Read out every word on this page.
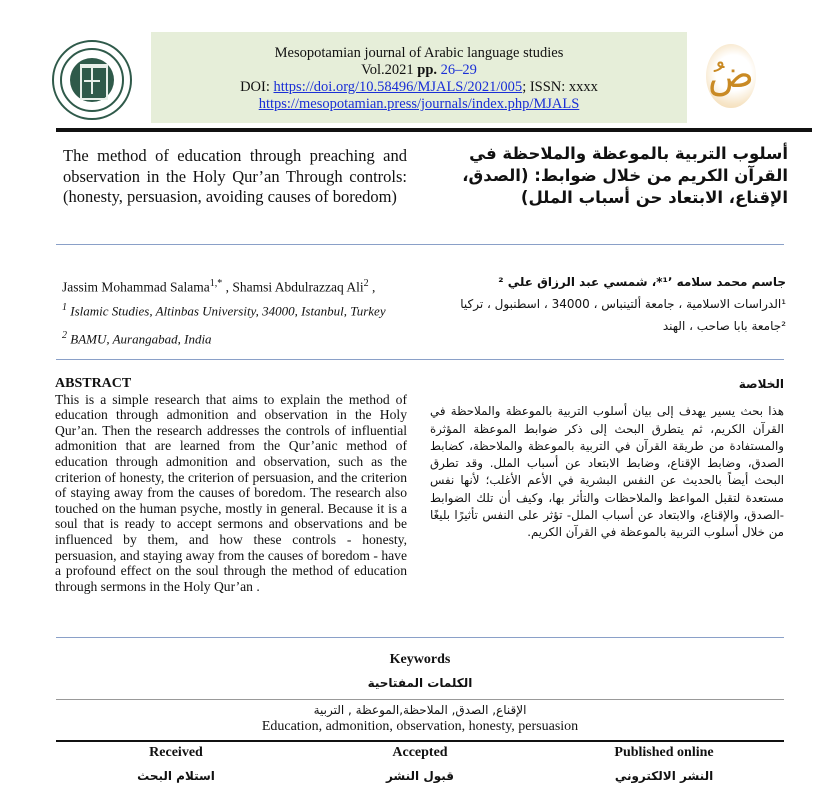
Mesopotamian journal of Arabic language studies
Vol.2021 pp. 26–29
DOI: https://doi.org/10.58496/MJALS/2021/005; ISSN: xxxx
https://mesopotamian.press/journals/index.php/MJALS
ضُ
The method of education through preaching and observation in the Holy Qur’an Through controls: (honesty, persuasion, avoiding causes of boredom)
أسلوب التربية بالموعظة والملاحظة في القرآن الكريم من خلال ضوابط: (الصدق، الإقناع، الابتعاد حن أسباب الملل)
Jassim Mohammad Salama$^{1,*}$ , Shamsi Abdulrazzaq Ali$^2$ ,
$^1$ Islamic Studies, Altinbas University, 34000, Istanbul, Turkey
$^2$ BAMU, Aurangabad, India
جاسم محمد سلامه ¹٬*، شمسي عبد الرزاق علي ²
¹الدراسات الاسلامية ، جامعة ألتينباس ، 34000 ، اسطنبول ، تركيا
²جامعة بابا صاحب ، الهند
ABSTRACT
This is a simple research that aims to explain the method of education through admonition and observation in the Holy Qur’an. Then the research addresses the controls of influential admonition that are learned from the Qur’anic method of education through admonition and observation, such as the criterion of honesty, the criterion of persuasion, and the criterion of staying away from the causes of boredom. The research also touched on the human psyche, mostly in general. Because it is a soul that is ready to accept sermons and observations and be influenced by them, and how these controls - honesty, persuasion, and staying away from the causes of boredom - have a profound effect on the soul through the method of education through sermons in the Holy Qur’an .
الخلاصة
هذا بحث يسير يهدف إلى بيان أسلوب التربية بالموعظة والملاحظة في القرآن الكريم، ثم يتطرق البحث إلى ذكر ضوابط الموعظة المؤثرة والمستفادة من طريقة القرآن في التربية بالموعظة والملاحظة، كضابط الصدق، وضابط الإقناع، وضابط الابتعاد عن أسباب الملل. وقد تطرق البحث أيضاً بالحديث عن النفس البشرية في الأعم الأغلب؛ لأنها نفس مستعدة لتقبل المواعظ والملاحظات والتأثر بها، وكيف أن تلك الضوابط -الصدق، والإقناع، والابتعاد عن أسباب الملل- تؤثر على النفس تأثيرًا بليغًا من خلال أسلوب التربية بالموعظة في القرآن الكريم.
Keywords
الكلمات المفتاحية
الإقناع, الصدق, الملاحظة,الموعظة , التربية
Education, admonition, observation, honesty, persuasion
Received	Accepted	Published online
استلام البحث	قبول النشر	النشر الالكتروني
